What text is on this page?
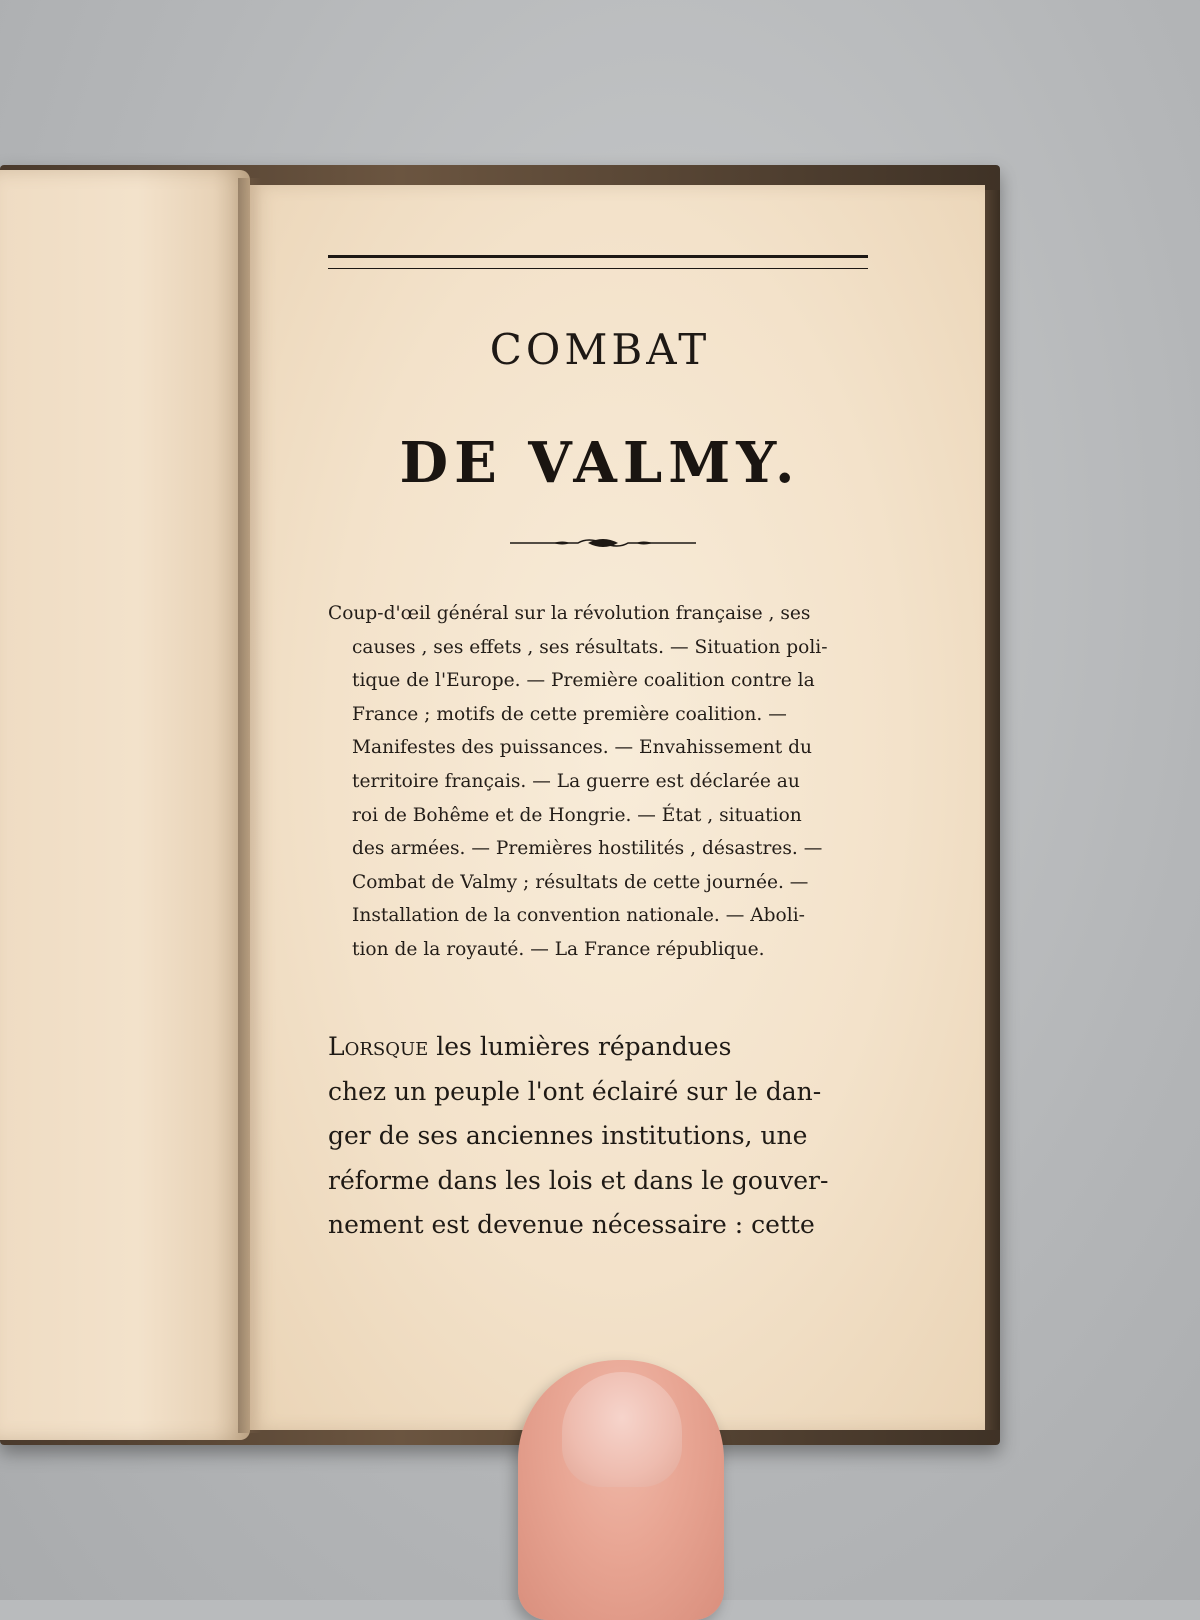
COMBAT
DE VALMY.
Coup-d'œil général sur la révolution française , ses
causes , ses effets , ses résultats. — Situation poli-
tique de l'Europe. — Première coalition contre la
France ; motifs de cette première coalition. —
Manifestes des puissances. — Envahissement du
territoire français. — La guerre est déclarée au
roi de Bohême et de Hongrie. — État , situation
des armées. — Premières hostilités , désastres. —
Combat de Valmy ; résultats de cette journée. —
Installation de la convention nationale. — Aboli-
tion de la royauté. — La France république.
Lorsque les lumières répandues
chez un peuple l'ont éclairé sur le dan-
ger de ses anciennes institutions, une
réforme dans les lois et dans le gouver-
nement est devenue nécessaire : cette
